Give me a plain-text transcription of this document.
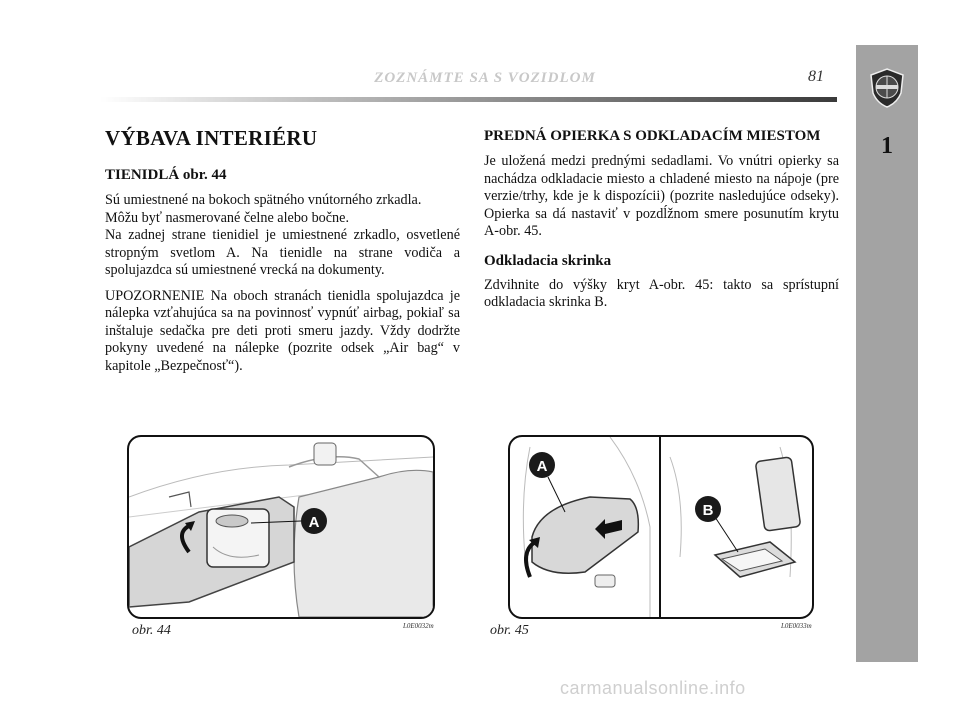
ZOZNÁMTE SA S VOZIDLOM	81
1
VÝBAVA INTERIÉRU
TIENIDLÁ obr. 44

Sú umiestnené na bokoch spätného vnútorného zrkadla.
Môžu byť nasmerované čelne alebo bočne.
Na zadnej strane tienidiel je umiestnené zrkadlo, osvetlené stropným svetlom A. Na tienidle na strane vodiča a spolujazdca sú umiestnené vrecká na dokumenty.

UPOZORNENIE Na oboch stranách tienidla spolujazdca je nálepka vzťahujúca sa na povinnosť vypnúť airbag, pokiaľ sa inštaluje sedačka pre deti proti smeru jazdy. Vždy dodržte pokyny uvedené na nálepke (pozrite odsek „Air bag“ v kapitole „Bezpečnosť“).

PREDNÁ OPIERKA S ODKLADACÍM MIESTOM

Je uložená medzi prednými sedadlami. Vo vnútri opierky sa nachádza odkladacie miesto a chladené miesto na nápoje (pre verzie/trhy, kde je k dispozícii) (pozrite nasledujúce odseky). Opierka sa dá nastaviť v pozdĺžnom smere posunutím krytu A-obr. 45.

Odkladacia skrinka

Zdvihnite do výšky kryt A-obr. 45: takto sa sprístupní odkladacia skrinka B.

A
obr. 44	L0E0032m
A
B
obr. 45	L0E0033m
carmanualsonline.info
